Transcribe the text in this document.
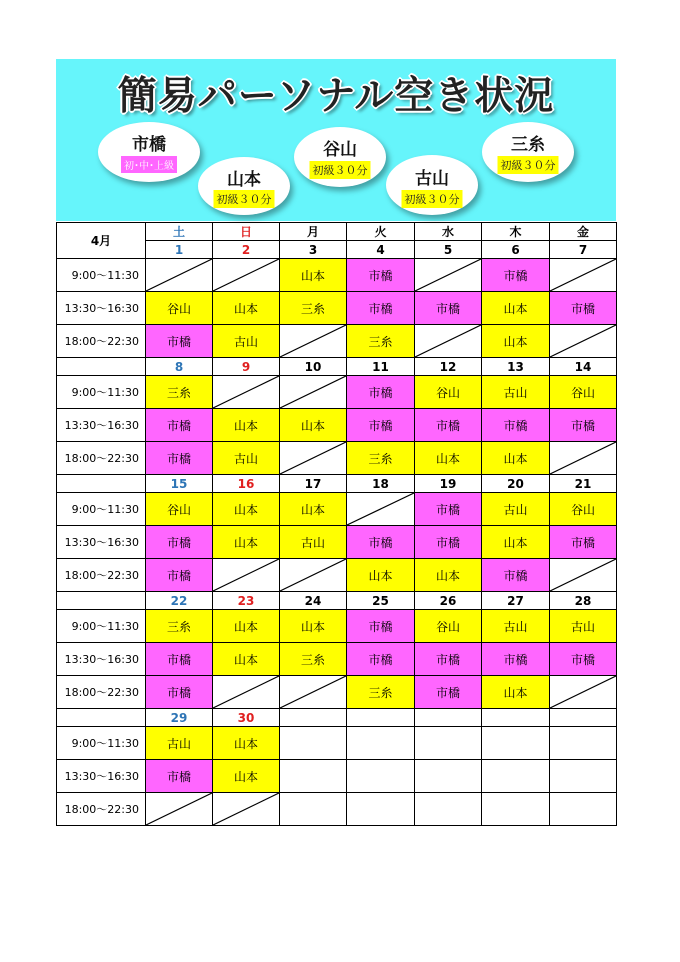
簡易パーソナル空き状況
市橋
初･中･上級
山本
初級３０分
谷山
初級３０分	古山
初級３０分
三糸
初級３０分
4月	土	日	月	火	水	木	金
	1	2	3	4	5	6	7
9:00～11:30			山本	市橋		市橋	

13:30～16:30	谷山	山本	三糸	市橋	市橋	山本	市橋
18:00～22:30	市橋	古山		三糸		山本	

	8	9	10	11	12	13	14
9:00～11:30	三糸			市橋	谷山	古山	谷山
13:30～16:30	市橋	山本	山本	市橋	市橋	市橋	市橋
18:00～22:30	市橋	古山		三糸	山本	山本	

	15	16	17	18	19	20	21
9:00～11:30	谷山	山本	山本		市橋	古山	谷山
13:30～16:30	市橋	山本	古山	市橋	市橋	山本	市橋
18:00～22:30	市橋			山本	山本	市橋	

	22	23	24	25	26	27	28
9:00～11:30	三糸	山本	山本	市橋	谷山	古山	古山
13:30～16:30	市橋	山本	三糸	市橋	市橋	市橋	市橋
18:00～22:30	市橋			三糸	市橋	山本	

	29	30					
9:00～11:30	古山	山本					
13:30～16:30	市橋	山本					
18:00～22:30	
